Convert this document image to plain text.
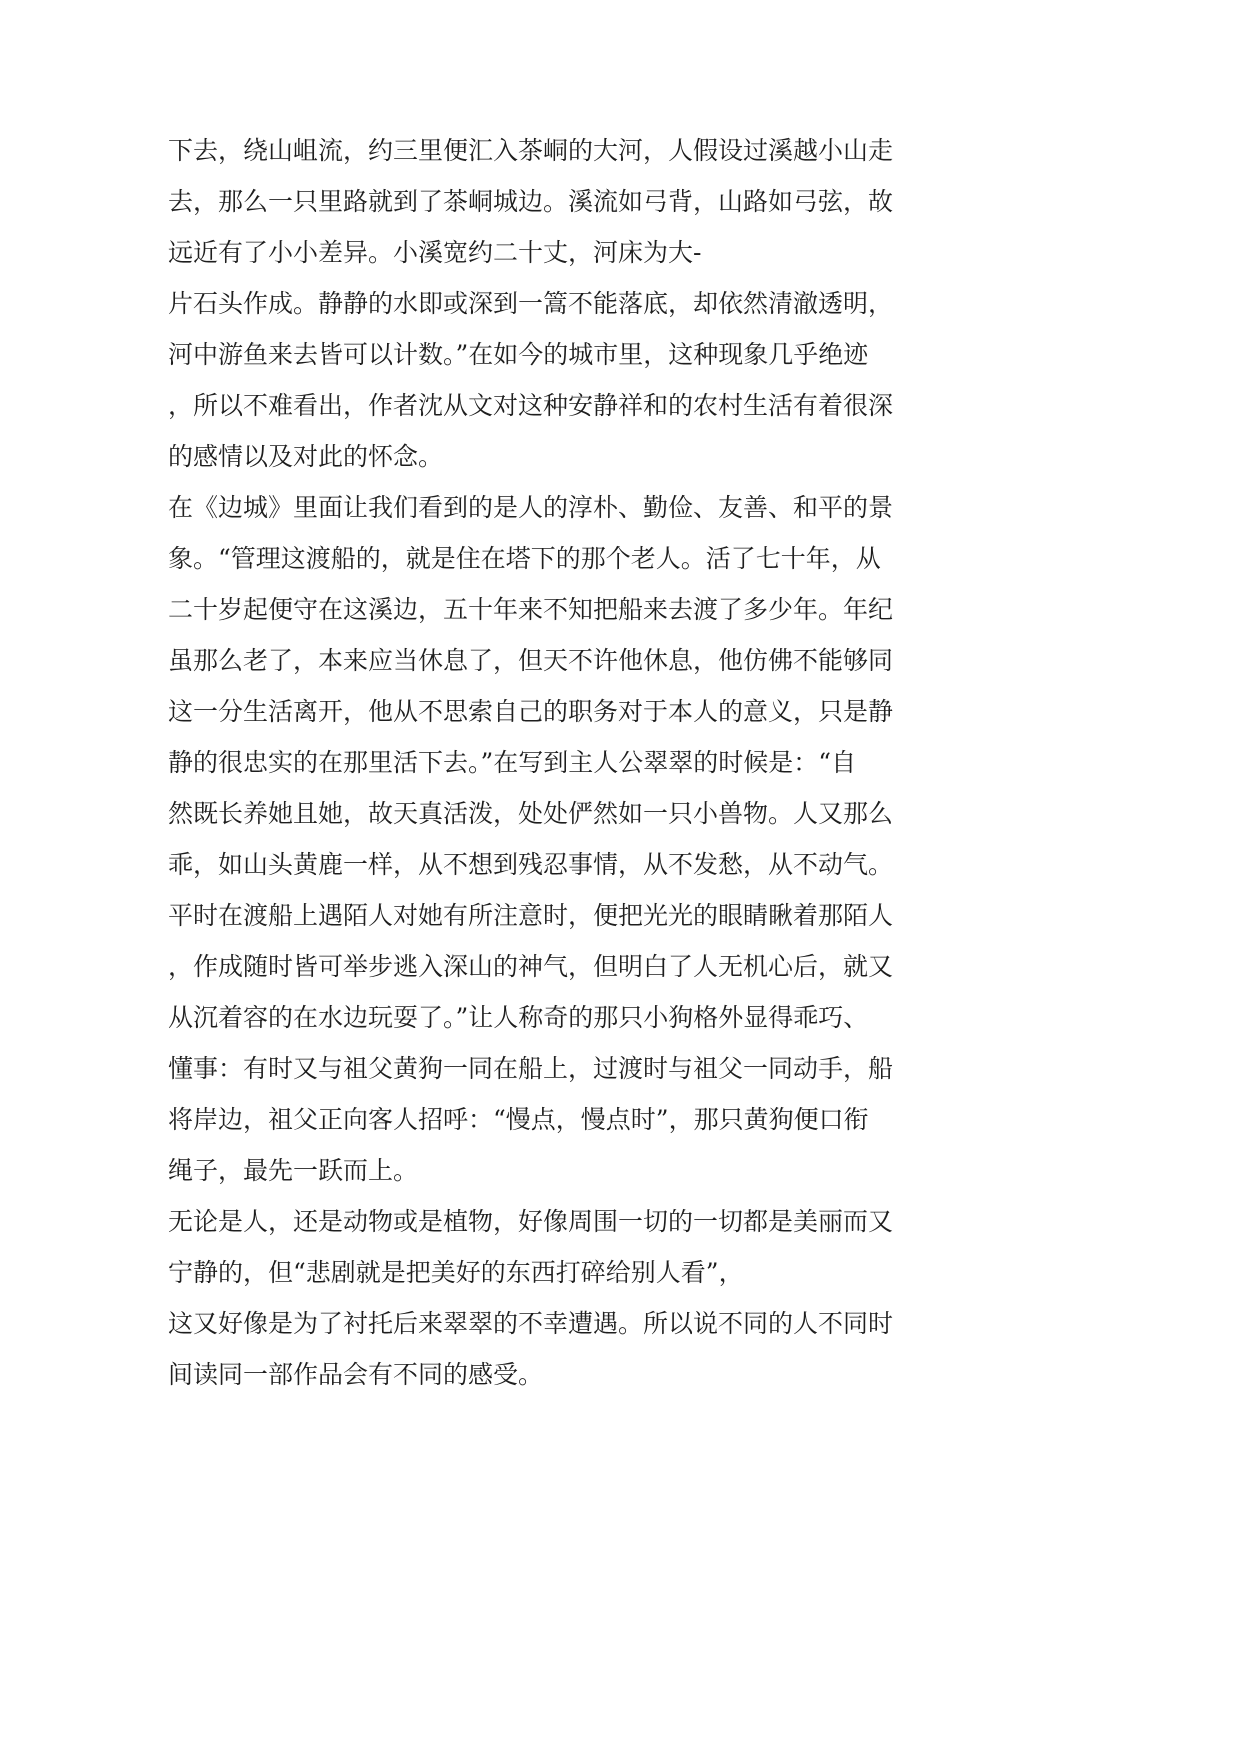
下去，绕山岨流，约三里便汇入茶峒的大河，人假设过溪越小山走
去，那么一只里路就到了茶峒城边。溪流如弓背，山路如弓弦，故
远近有了小小差异。小溪宽约二十丈，河床为大-
片石头作成。静静的水即或深到一篙不能落底，却依然清澈透明，
河中游鱼来去皆可以计数。”在如今的城市里，这种现象几乎绝迹
，所以不难看出，作者沈从文对这种安静祥和的农村生活有着很深
的感情以及对此的怀念。
在《边城》里面让我们看到的是人的淳朴、勤俭、友善、和平的景
象。“管理这渡船的，就是住在塔下的那个老人。活了七十年，从
二十岁起便守在这溪边，五十年来不知把船来去渡了多少年。年纪
虽那么老了，本来应当休息了，但天不许他休息，他仿佛不能够同
这一分生活离开，他从不思索自己的职务对于本人的意义，只是静
静的很忠实的在那里活下去。”在写到主人公翠翠的时候是：“自
然既长养她且她，故天真活泼，处处俨然如一只小兽物。人又那么
乖，如山头黄鹿一样，从不想到残忍事情，从不发愁，从不动气。
平时在渡船上遇陌人对她有所注意时，便把光光的眼睛瞅着那陌人
，作成随时皆可举步逃入深山的神气，但明白了人无机心后，就又
从沉着容的在水边玩耍了。”让人称奇的那只小狗格外显得乖巧、
懂事：有时又与祖父黄狗一同在船上，过渡时与祖父一同动手，船
将岸边，祖父正向客人招呼：“慢点，慢点时”，那只黄狗便口衔
绳子，最先一跃而上。
无论是人，还是动物或是植物，好像周围一切的一切都是美丽而又
宁静的，但“悲剧就是把美好的东西打碎给别人看”，
这又好像是为了衬托后来翠翠的不幸遭遇。所以说不同的人不同时
间读同一部作品会有不同的感受。
